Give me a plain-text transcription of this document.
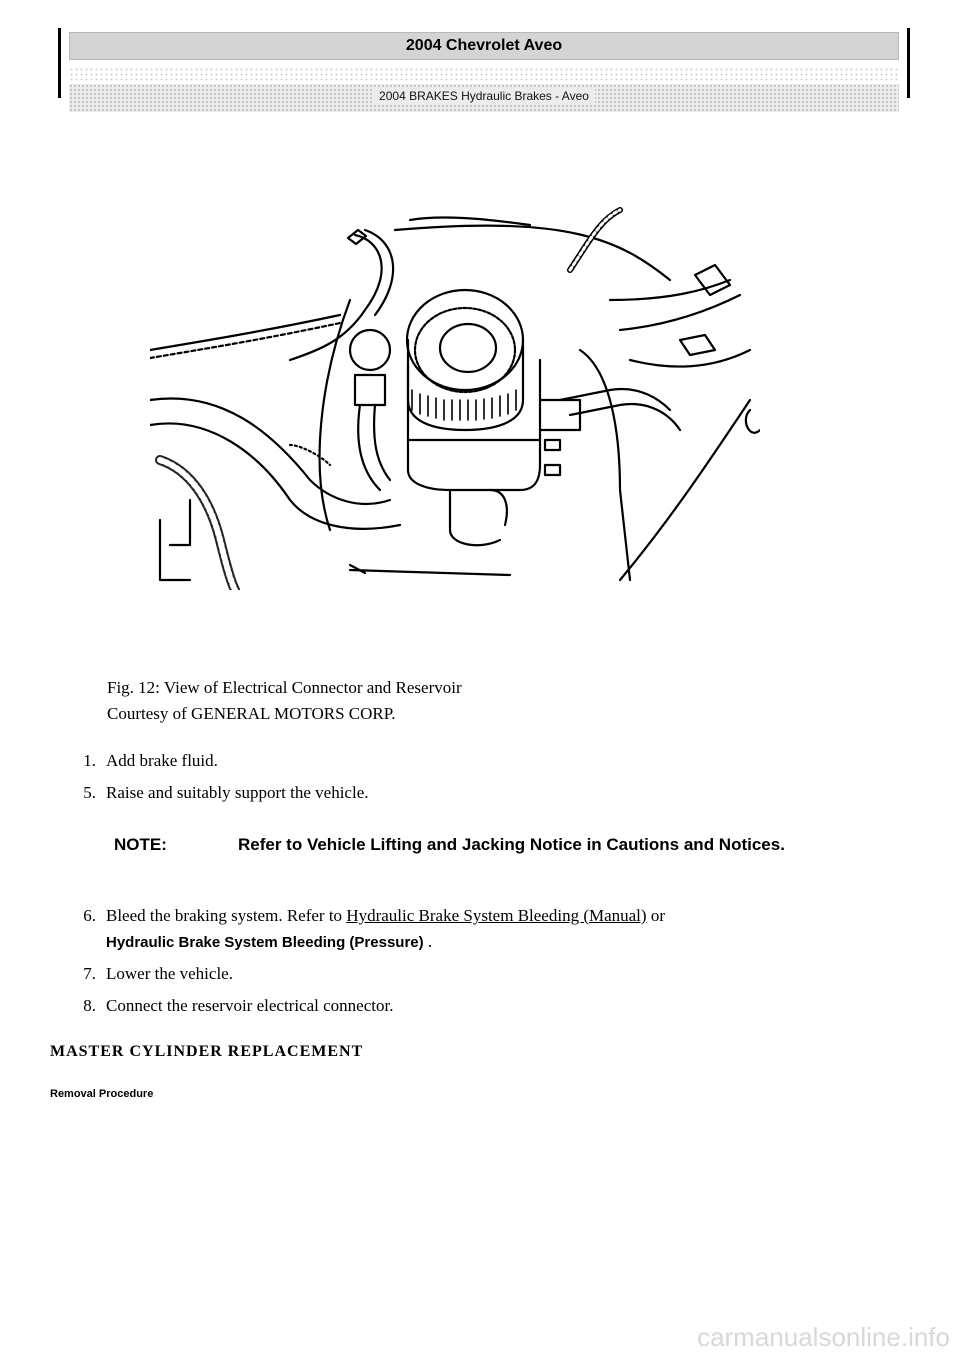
2004 Chevrolet Aveo
2004 BRAKES Hydraulic Brakes - Aveo
Fig. 12: View of Electrical Connector and Reservoir
Courtesy of GENERAL MOTORS CORP.
1. Add brake fluid.
5. Raise and suitably support the vehicle.
NOTE:	Refer to Vehicle Lifting and Jacking Notice in Cautions and Notices.
6. Bleed the braking system. Refer to Hydraulic Brake System Bleeding (Manual) or
Hydraulic Brake System Bleeding (Pressure) .
7. Lower the vehicle.
8. Connect the reservoir electrical connector.
MASTER CYLINDER REPLACEMENT
Removal Procedure
carmanualsonline.info
